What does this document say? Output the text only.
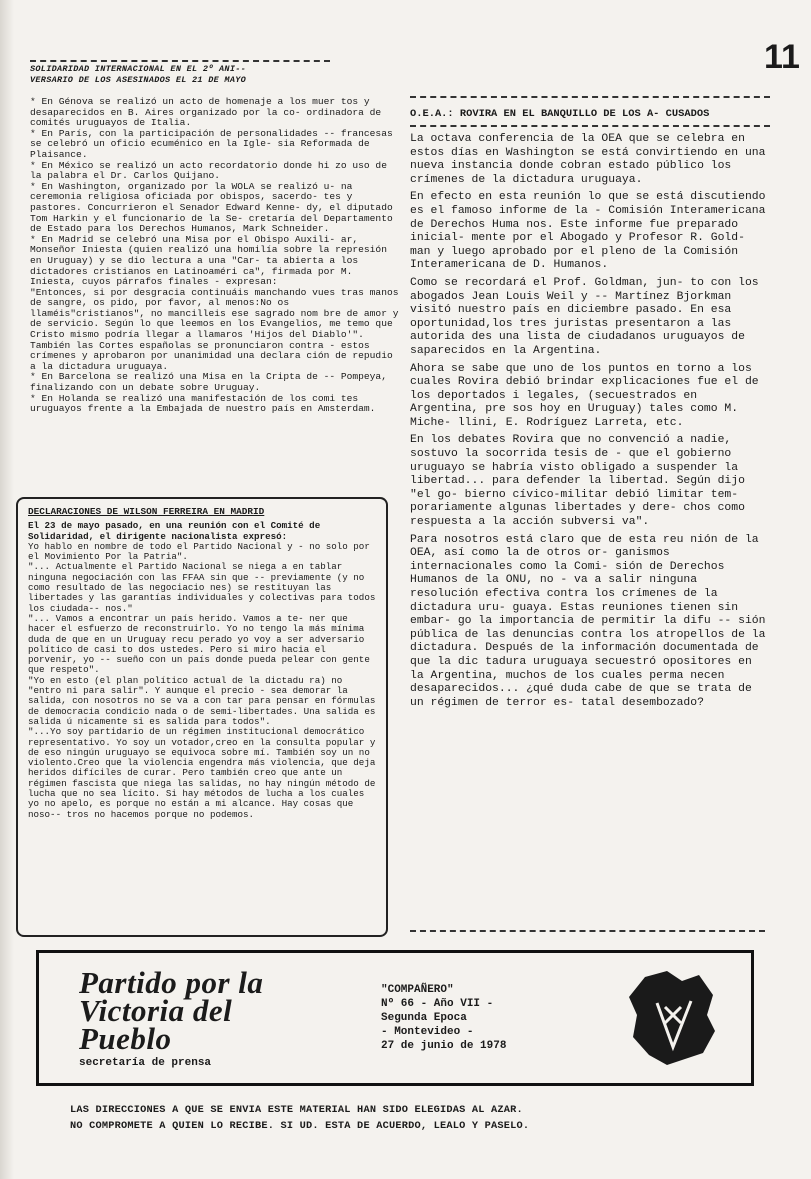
SOLIDARIDAD INTERNACIONAL EN EL 2º ANI--
VERSARIO DE LOS ASESINADOS EL 21 DE MAYO
11

* En Génova se realizó un acto de homenaje a los muer tos y desaparecidos en B. Aires organizado por la co- ordinadora de comités uruguayos de Italia.

* En París, con la participación de personalidades -- francesas se celebró un oficio ecuménico en la Igle- sia Reformada de Plaisance.

* En México se realizó un acto recordatorio donde hi zo uso de la palabra el Dr. Carlos Quijano.

* En Washington, organizado por la WOLA se realizó u- na ceremonia religiosa oficiada por obispos, sacerdo- tes y pastores. Concurrieron el Senador Edward Kenne- dy, el diputado Tom Harkin y el funcionario de la Se- cretaría del Departamento de Estado para los Derechos Humanos, Mark Schneider.

* En Madrid se celebró una Misa por el Obispo Auxili- ar, Monseñor Iniesta (quien realizó una homilía sobre la represión en Uruguay) y se dio lectura a una "Car- ta abierta a los dictadores cristianos en Latinoaméri ca", firmada por M. Iniesta, cuyos párrafos finales - expresan:

"Entonces, si por desgracia continuáis manchando vues tras manos de sangre, os pido, por favor, al menos:No os llaméis"cristianos", no mancilleis ese sagrado nom bre de amor y de servicio. Según lo que leemos en los Evangelios, me temo que Cristo mismo podría llegar a llamaros 'Hijos del Diablo'".

También las Cortes españolas se pronunciaron contra - estos crímenes y aprobaron por unanimidad una declara ción de repudio a la dictadura uruguaya.

* En Barcelona se realizó una Misa en la Cripta de -- Pompeya, finalizando con un debate sobre Uruguay.

* En Holanda se realizó una manifestación de los comi tes uruguayos frente a la Embajada de nuestro país en Amsterdam.

DECLARACIONES DE WILSON FERREIRA EN MADRID

El 23 de mayo pasado, en una reunión con el Comité de Solidaridad, el dirigente nacionalista expresó:

Yo hablo en nombre de todo el Partido Nacional y - no solo por el Movimiento Por la Patria".

"... Actualmente el Partido Nacional se niega a en tablar ninguna negociación con las FFAA sin que -- previamente (y no como resultado de las negociacio nes) se restituyan las libertades y las garantías individuales y colectivas para todos los ciudada-- nos."

"... Vamos a encontrar un país herido. Vamos a te- ner que hacer el esfuerzo de reconstruirlo. Yo no tengo la más mínima duda de que en un Uruguay recu perado yo voy a ser adversario político de casi to dos ustedes. Pero si miro hacia el porvenir, yo -- sueño con un país donde pueda pelear con gente que respeto".

"Yo en esto (el plan político actual de la dictadu ra) no "entro ni para salir". Y aunque el precio - sea demorar la salida, con nosotros no se va a con tar para pensar en fórmulas de democracia condicio nada o de semi-libertades. Una salida es salida ú nicamente si es salida para todos".

"...Yo soy partidario de un régimen institucional democrático representativo. Yo soy un votador,creo en la consulta popular y de eso ningún uruguayo se equivoca sobre mí. También soy un no violento.Creo que la violencia engendra más violencia, que deja heridos difíciles de curar. Pero también creo que ante un régimen fascista que niega las salidas, no hay ningún método de lucha que no sea lícito. Si hay métodos de lucha a los cuales yo no apelo, es porque no están a mi alcance. Hay cosas que noso-- tros no hacemos porque no podemos.

O.E.A.: ROVIRA EN EL BANQUILLO DE LOS A- CUSADOS

La octava conferencia de la OEA que se celebra en estos días en Washington se está convirtiendo en una nueva instancia donde cobran estado público los crímenes de la dictadura uruguaya.

En efecto en esta reunión lo que se está discutiendo es el famoso informe de la - Comisión Interamericana de Derechos Huma nos. Este informe fue preparado inicial- mente por el Abogado y Profesor R. Gold- man y luego aprobado por el pleno de la Comisión Interamericana de D. Humanos.

Como se recordará el Prof. Goldman, jun- to con los abogados Jean Louis Weil y -- Martínez Bjorkman visitó nuestro país en diciembre pasado. En esa oportunidad,los tres juristas presentaron a las autorida des una lista de ciudadanos uruguayos de saparecidos en la Argentina.

Ahora se sabe que uno de los puntos en torno a los cuales Rovira debió brindar explicaciones fue el de los deportados i legales, (secuestrados en Argentina, pre sos hoy en Uruguay) tales como M. Miche- llini, E. Rodríguez Larreta, etc.

En los debates Rovira que no convenció a nadie, sostuvo la socorrida tesis de - que el gobierno uruguayo se habría visto obligado a suspender la libertad... para defender la libertad. Según dijo "el go- bierno cívico-militar debió limitar tem- porariamente algunas libertades y dere- chos como respuesta a la acción subversi va".

Para nosotros está claro que de esta reu nión de la OEA, así como la de otros or- ganismos internacionales como la Comi- sión de Derechos Humanos de la ONU, no - va a salir ninguna resolución efectiva contra los crímenes de la dictadura uru- guaya. Estas reuniones tienen sin embar- go la importancia de permitir la difu -- sión pública de las denuncias contra los atropellos de la dictadura. Después de la información documentada de que la dic tadura uruguaya secuestró opositores en la Argentina, muchos de los cuales perma necen desaparecidos... ¿qué duda cabe de que se trata de un régimen de terror es- tatal desembozado?

Partido por la
Victoria del
Pueblo
secretaría de prensa
"COMPAÑERO"
Nº 66 - Año VII -
Segunda Epoca
- Montevideo -
27 de junio de 1978
LAS DIRECCIONES A QUE SE ENVIA ESTE MATERIAL HAN SIDO ELEGIDAS AL AZAR.
NO COMPROMETE A QUIEN LO RECIBE. SI UD. ESTA DE ACUERDO, LEALO Y PASELO.
